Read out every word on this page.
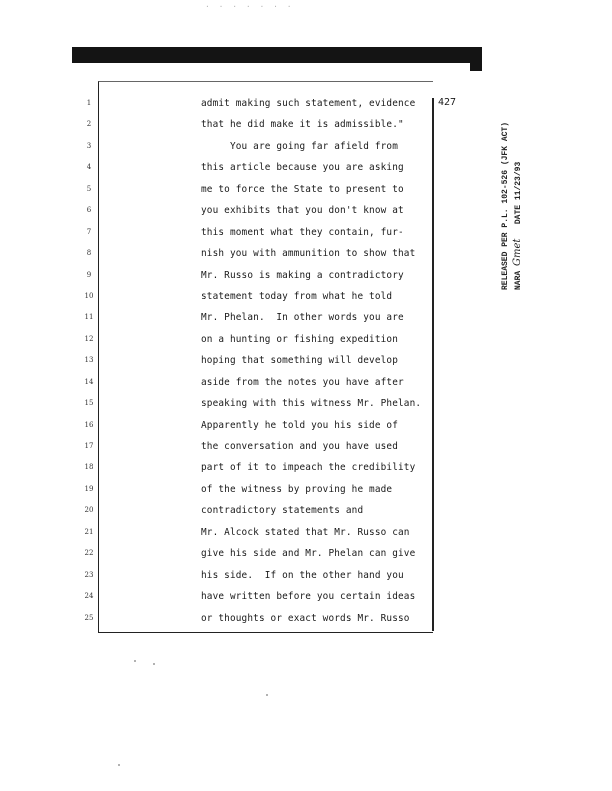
· · · · · · ·
427
1
2
3
4
5
6
7
8
9
10
11
12
13
14
15
16
17
18
19
20
21
22
23
24
25
admit making such statement, evidence
that he did make it is admissible."
You are going far afield from
this article because you are asking
me to force the State to present to
you exhibits that you don't know at
this moment what they contain, fur-
nish you with ammunition to show that
Mr. Russo is making a contradictory
statement today from what he told
Mr. Phelan.  In other words you are
on a hunting or fishing expedition
hoping that something will develop
aside from the notes you have after
speaking with this witness Mr. Phelan.
Apparently he told you his side of
the conversation and you have used
part of it to impeach the credibility
of the witness by proving he made
contradictory statements and
Mr. Alcock stated that Mr. Russo can
give his side and Mr. Phelan can give
his side.  If on the other hand you
have written before you certain ideas
or thoughts or exact words Mr. Russo
RELEASED PER P.L. 102-526 (JFK ACT) NARA Gmet   DATE 11/23/93
